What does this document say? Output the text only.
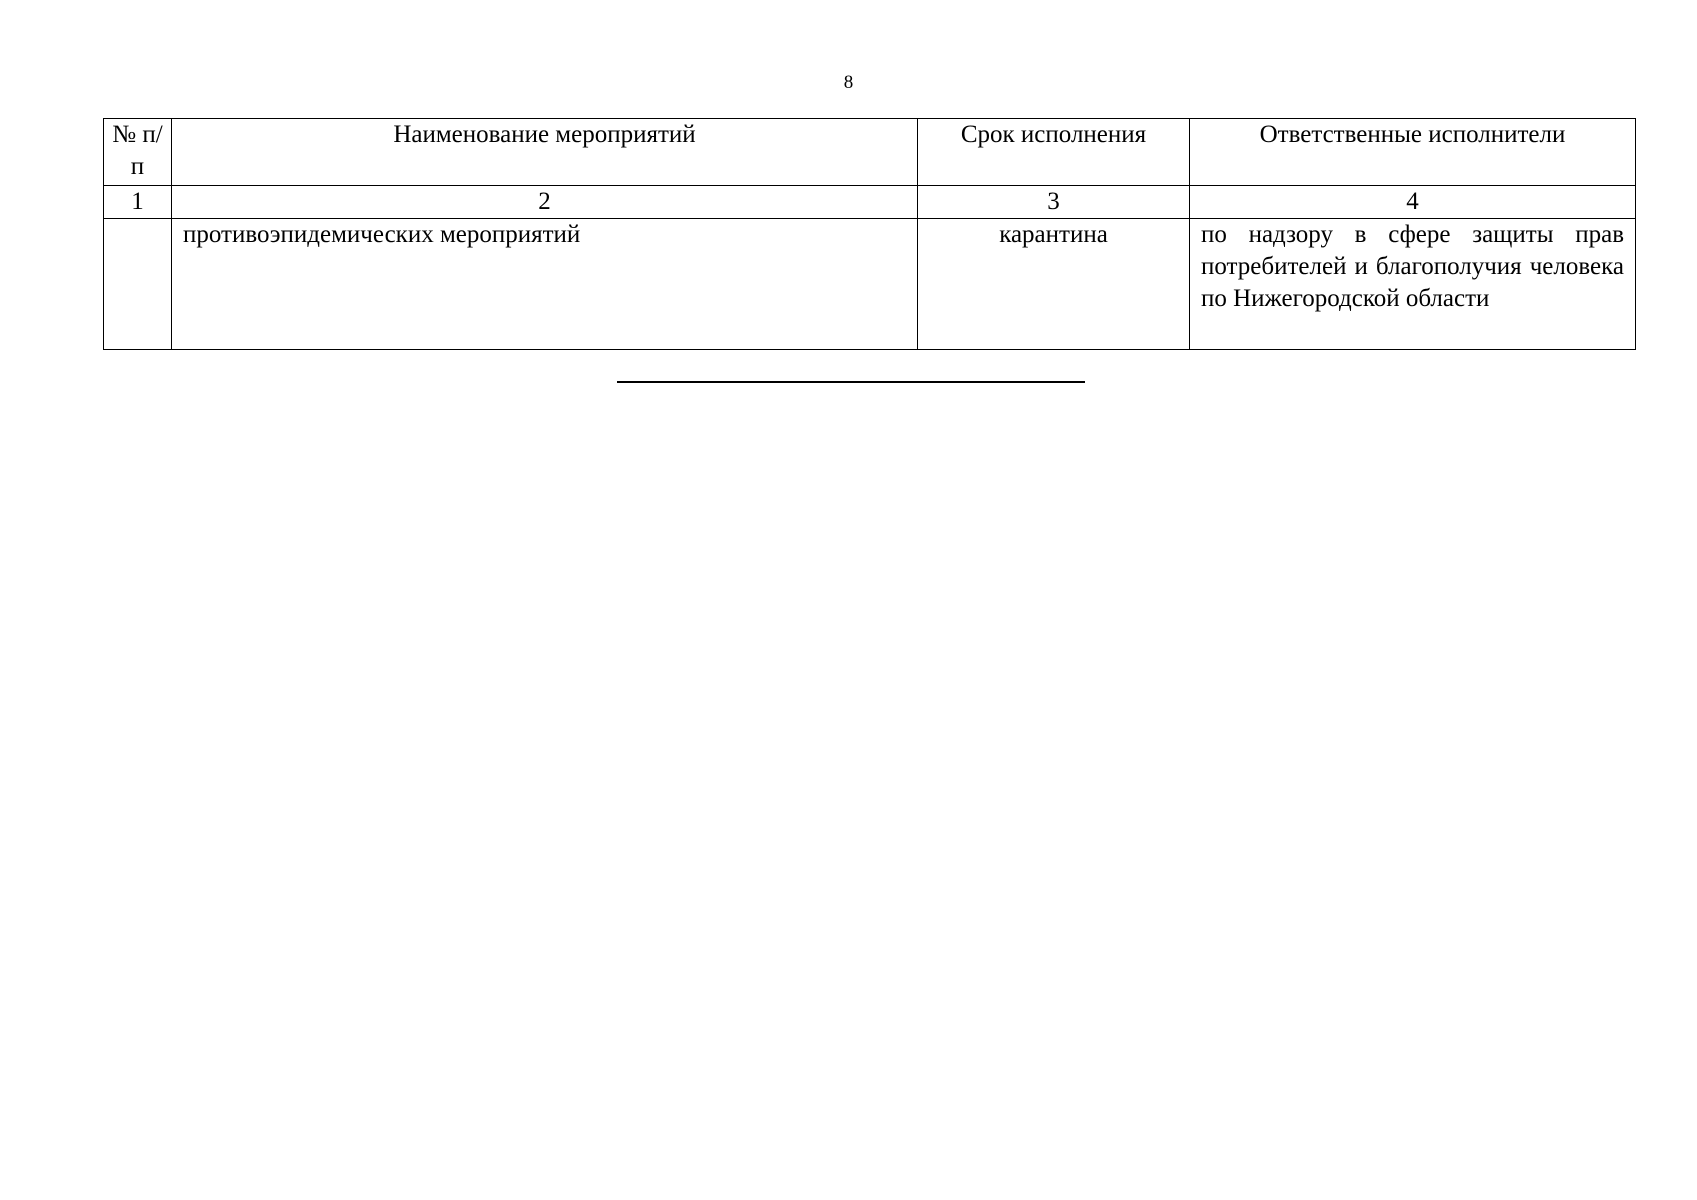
8
№ п/п	Наименование мероприятий	Срок исполнения	Ответственные исполнители
1	2	3	4
	противоэпидемических мероприятий	карантина	по надзору в сфере защиты прав потребителей и благополучия человека по Нижегородской области
